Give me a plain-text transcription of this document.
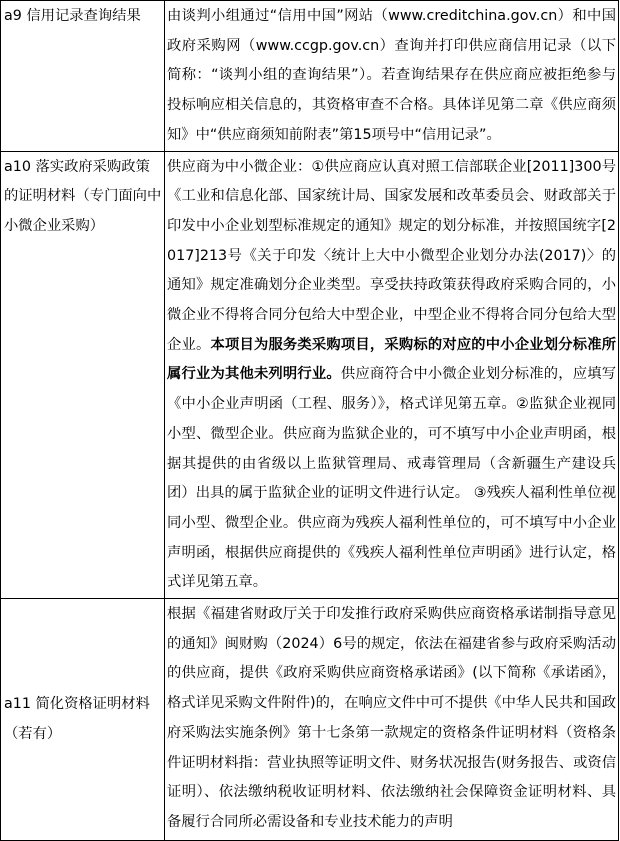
a9 信用记录查询结果	由谈判小组通过“信用中国”网站（www.creditchina.gov.cn）和中国政府采购网（www.ccgp.gov.cn）查询并打印供应商信用记录（以下简称：“谈判小组的查询结果”）。若查询结果存在供应商应被拒绝参与投标响应相关信息的，其资格审查不合格。具体详见第二章《供应商须知》中“供应商须知前附表”第15项号中“信用记录”。
a10 落实政府采购政策的证明材料（专门面向中小微企业采购）	供应商为中小微企业：①供应商应认真对照工信部联企业[2011]300号《工业和信息化部、国家统计局、国家发展和改革委员会、财政部关于印发中小企业划型标准规定的通知》规定的划分标准，并按照国统字[2017]213号《关于印发〈统计上大中小微型企业划分办法(2017)〉的通知》规定准确划分企业类型。享受扶持政策获得政府采购合同的，小微企业不得将合同分包给大中型企业，中型企业不得将合同分包给大型企业。本项目为服务类采购项目，采购标的对应的中小企业划分标准所属行业为其他未列明行业。供应商符合中小微企业划分标准的，应填写《中小企业声明函（工程、服务）》，格式详见第五章。②监狱企业视同小型、微型企业。供应商为监狱企业的，可不填写中小企业声明函，根据其提供的由省级以上监狱管理局、戒毒管理局（含新疆生产建设兵团）出具的属于监狱企业的证明文件进行认定。 ③残疾人福利性单位视同小型、微型企业。供应商为残疾人福利性单位的，可不填写中小企业声明函，根据供应商提供的《残疾人福利性单位声明函》进行认定，格式详见第五章。
a11 简化资格证明材料（若有）	根据《福建省财政厅关于印发推行政府采购供应商资格承诺制指导意见的通知》闽财购（2024）6号的规定，依法在福建省参与政府采购活动的供应商，提供《政府采购供应商资格承诺函》(以下简称《承诺函》，格式详见采购文件附件)的，在响应文件中可不提供《中华人民共和国政府采购法实施条例》第十七条第一款规定的资格条件证明材料（资格条件证明材料指：营业执照等证明文件、财务状况报告(财务报告、或资信证明）、依法缴纳税收证明材料、依法缴纳社会保障资金证明材料、具备履行合同所必需设备和专业技术能力的声明
